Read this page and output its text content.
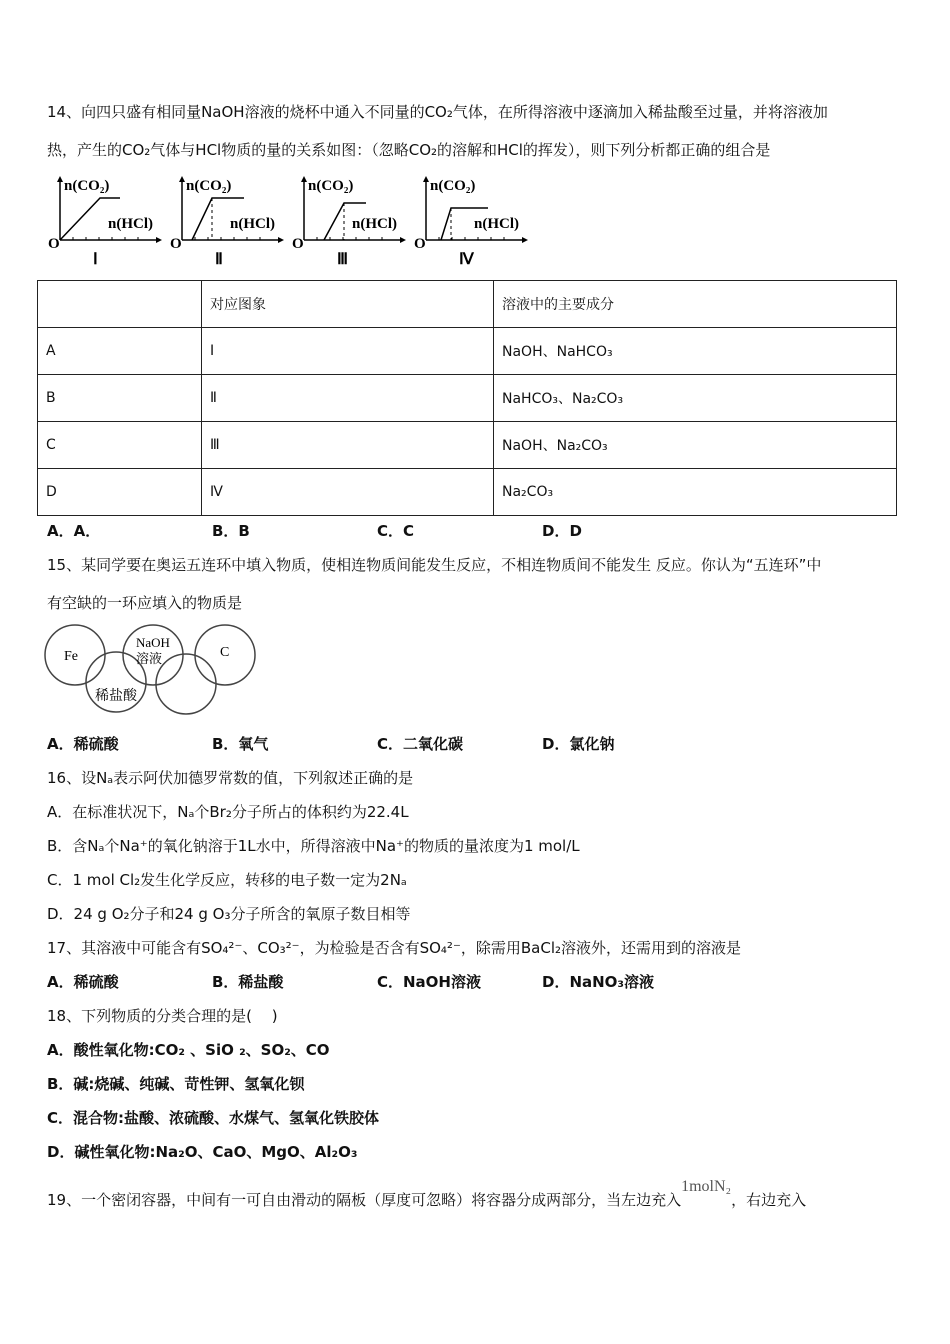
14、向四只盛有相同量NaOH溶液的烧杯中通入不同量的CO₂气体，在所得溶液中逐滴加入稀盐酸至过量，并将溶液加
热，产生的CO₂气体与HCl物质的量的关系如图：（忽略CO₂的溶解和HCl的挥发），则下列分析都正确的组合是
n(CO₂)
n(HCl)
O
Ⅰ
n(CO₂)
n(HCl)
O
Ⅱ
n(CO₂)
n(HCl)
O
Ⅲ
n(CO₂)
n(HCl)
O
Ⅳ
	对应图象	溶液中的主要成分
A	Ⅰ	NaOH、NaHCO₃
B	Ⅱ	NaHCO₃、Na₂CO₃
C	Ⅲ	NaOH、Na₂CO₃
D	Ⅳ	Na₂CO₃
A．A．	B．B	C．C	D．D
15、某同学要在奥运五连环中填入物质，使相连物质间能发生反应，不相连物质间不能发生 反应。你认为“五连环”中
有空缺的一环应填入的物质是
Fe
NaOH
溶液	C
稀盐酸
A．稀硫酸	B．氧气	C．二氧化碳	D．氯化钠
16、设Nₐ表示阿伏加德罗常数的值，下列叙述正确的是
A．在标准状况下，Nₐ个Br₂分子所占的体积约为22.4L
B．含Nₐ个Na⁺的氧化钠溶于1L水中，所得溶液中Na⁺的物质的量浓度为1 mol/L
C．1 mol Cl₂发生化学反应，转移的电子数一定为2Nₐ
D．24 g O₂分子和24 g O₃分子所含的氧原子数目相等
17、其溶液中可能含有SO₄²⁻、CO₃²⁻，为检验是否含有SO₄²⁻，除需用BaCl₂溶液外，还需用到的溶液是
A．稀硫酸	B．稀盐酸	C．NaOH溶液	D．NaNO₃溶液
18、下列物质的分类合理的是(　 )
A．酸性氧化物:CO₂ 、SiO ₂、SO₂、CO
B．碱:烧碱、纯碱、苛性钾、氢氧化钡
C．混合物:盐酸、浓硫酸、水煤气、氢氧化铁胶体
D．碱性氧化物:Na₂O、CaO、MgO、Al₂O₃
19、一个密闭容器，中间有一可自由滑动的隔板（厚度可忽略）将容器分成两部分，当左边充入1molN₂，右边充入
